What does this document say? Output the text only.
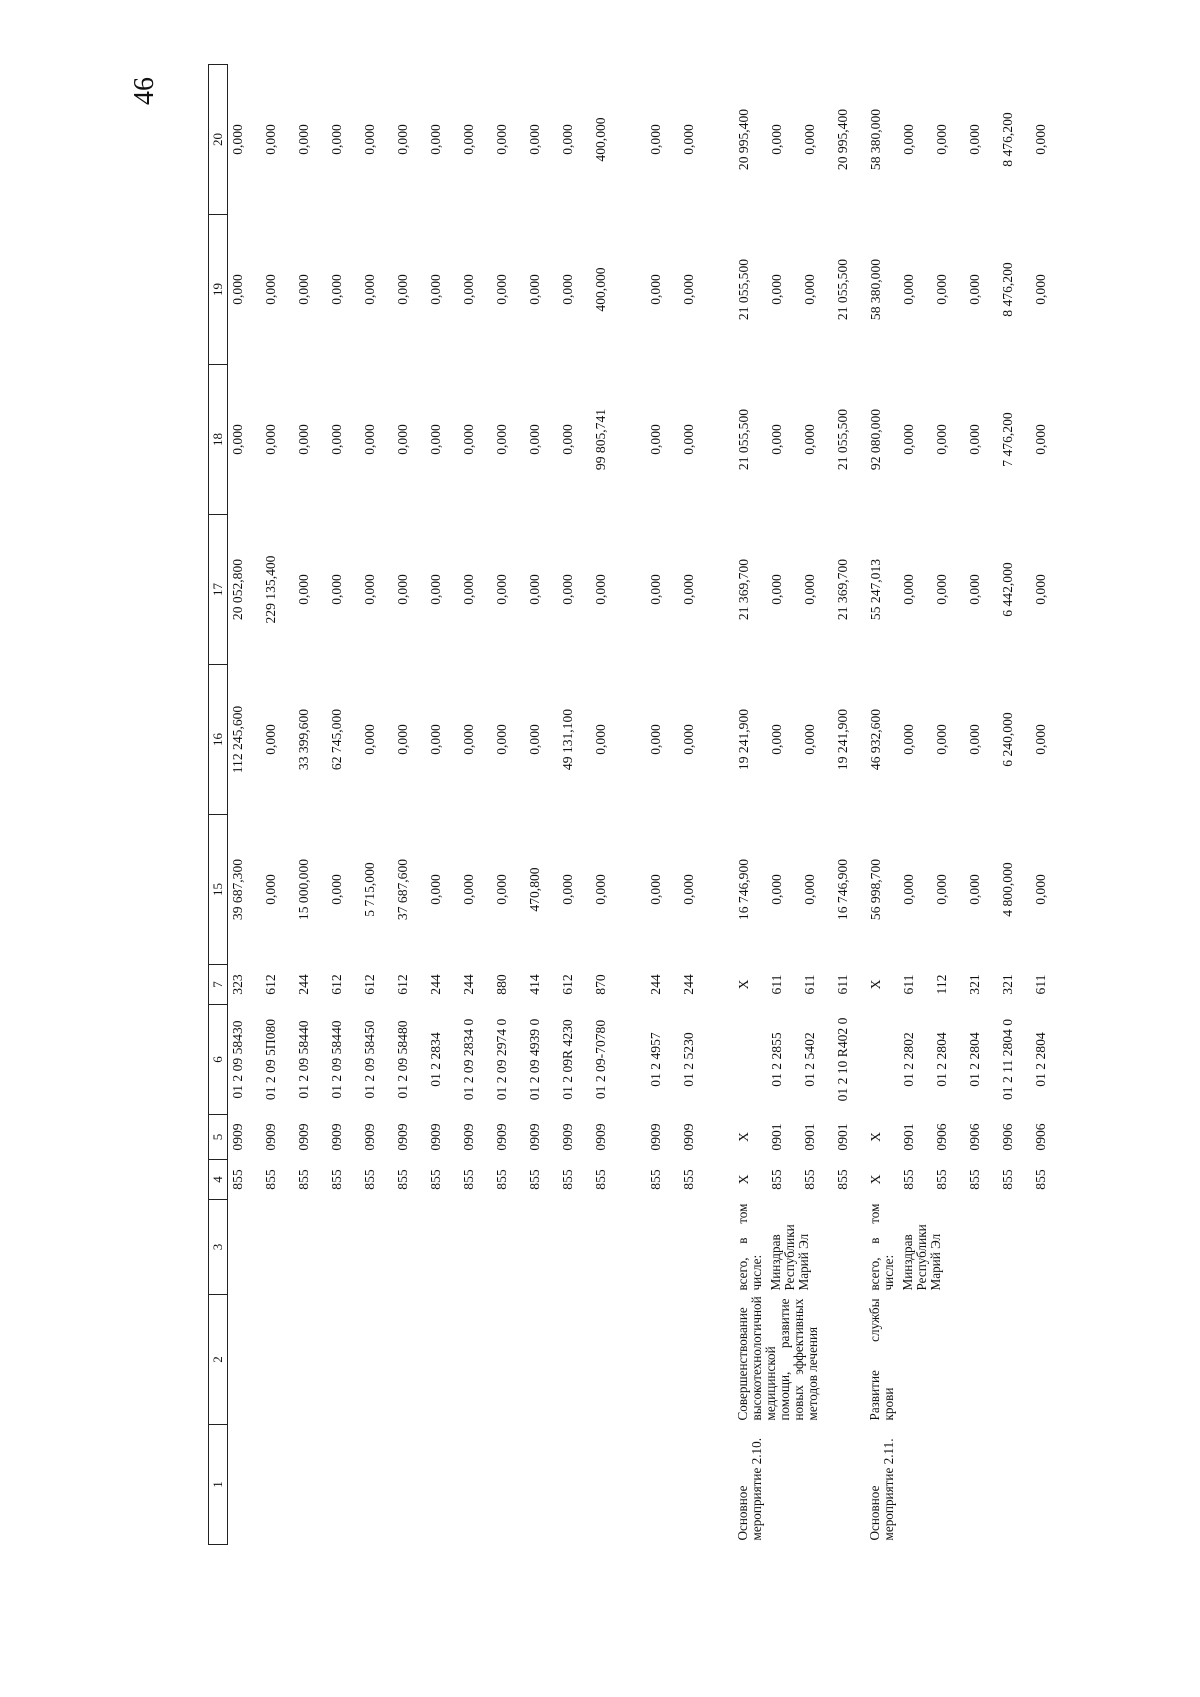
46
1	2	3	4	5	6	7	15	16	17	18	19	20
			855	0909	01 2 09 58430	323	39 687,300	112 245,600	20 052,800	0,000	0,000	0,000
			855	0909	01 2 09 5П080	612	0,000	0,000	229 135,400	0,000	0,000	0,000
			855	0909	01 2 09 58440	244	15 000,000	33 399,600	0,000	0,000	0,000	0,000
			855	0909	01 2 09 58440	612	0,000	62 745,000	0,000	0,000	0,000	0,000
			855	0909	01 2 09 58450	612	5 715,000	0,000	0,000	0,000	0,000	0,000
			855	0909	01 2 09 58480	612	37 687,600	0,000	0,000	0,000	0,000	0,000
			855	0909	01 2 2834	244	0,000	0,000	0,000	0,000	0,000	0,000
			855	0909	01 2 09 2834 0	244	0,000	0,000	0,000	0,000	0,000	0,000
			855	0909	01 2 09 2974 0	880	0,000	0,000	0,000	0,000	0,000	0,000
			855	0909	01 2 09 4939 0	414	470,800	0,000	0,000	0,000	0,000	0,000
			855	0909	01 2 09R 4230	612	0,000	49 131,100	0,000	0,000	0,000	0,000
			855	0909	01 2 09-70780	870	0,000	0,000	0,000	99 805,741	400,000	400,000

			855	0909	01 2 4957	244	0,000	0,000	0,000	0,000	0,000	0,000
			855	0909	01 2 5230	244	0,000	0,000	0,000	0,000	0,000	0,000

Основное мероприятие 2.10.	Совершенствование высокотехнологичной медицинской помощи, развитие новых эффективных методов лечения	всего, в том числе:	X	X		X	16 746,900	19 241,900	21 369,700	21 055,500	21 055,500	20 995,400
		Минздрав Республики Марий Эл	855	0901	01 2 2855	611	0,000	0,000	0,000	0,000	0,000	0,000
			855	0901	01 2 5402	611	0,000	0,000	0,000	0,000	0,000	0,000
			855	0901	01 2 10 R402 0	611	16 746,900	19 241,900	21 369,700	21 055,500	21 055,500	20 995,400
Основное мероприятие 2.11.	Развитие службы крови	всего, в том числе:	X	X		X	56 998,700	46 932,600	55 247,013	92 080,000	58 380,000	58 380,000
		Минздрав Республики Марий Эл	855	0901	01 2 2802	611	0,000	0,000	0,000	0,000	0,000	0,000
			855	0906	01 2 2804	112	0,000	0,000	0,000	0,000	0,000	0,000
			855	0906	01 2 2804	321	0,000	0,000	0,000	0,000	0,000	0,000
			855	0906	01 2 11 2804 0	321	4 800,000	6 240,000	6 442,000	7 476,200	8 476,200	8 476,200
			855	0906	01 2 2804	611	0,000	0,000	0,000	0,000	0,000	0,000
